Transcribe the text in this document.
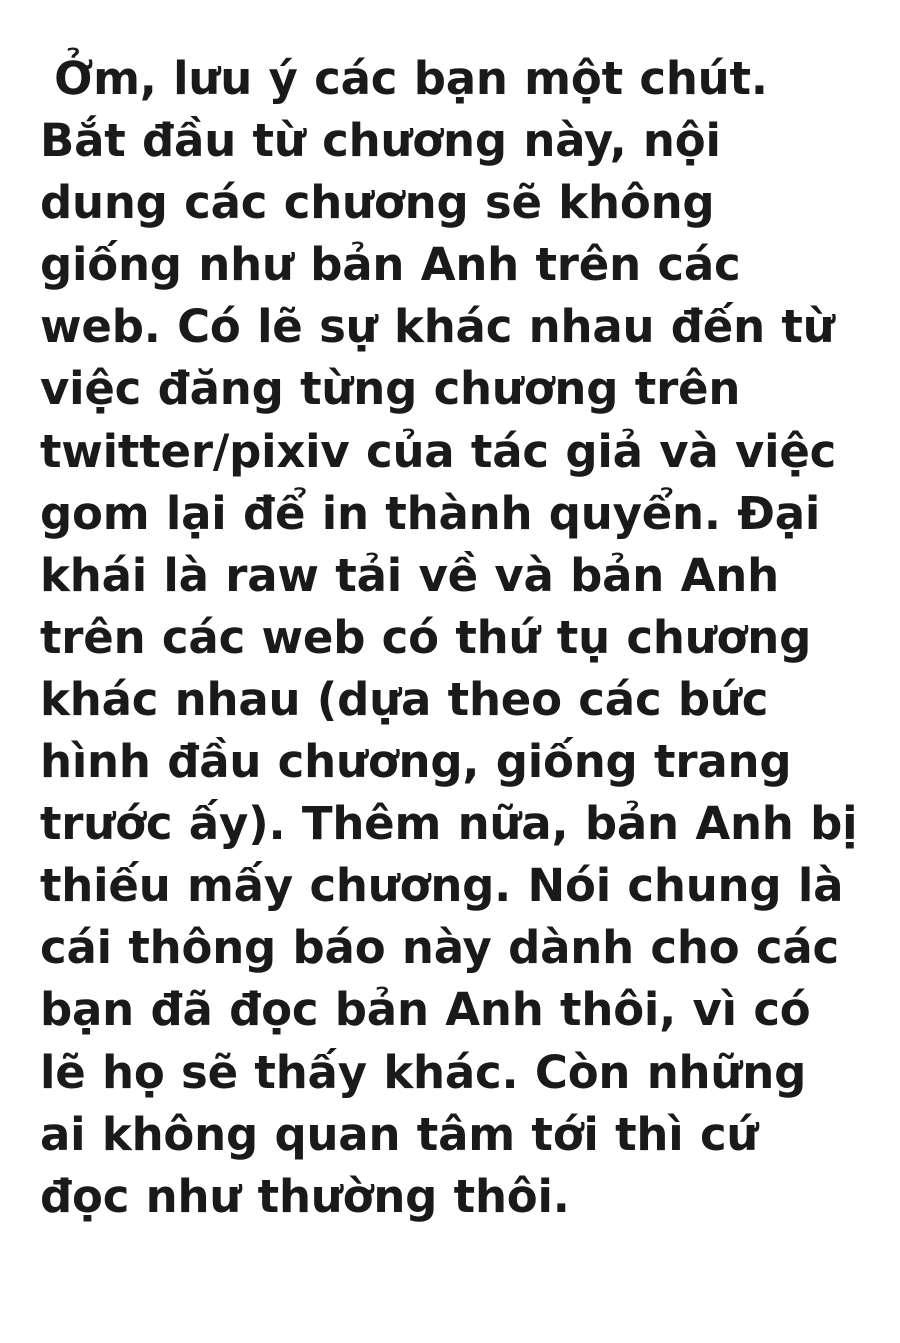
Ởm, lưu ý các bạn một chút. Bắt đầu từ chương này, nội dung các chương sẽ không giống như bản Anh trên các web. Có lẽ sự khác nhau đến từ việc đăng từng chương trên twitter/pixiv của tác giả và việc gom lại để in thành quyển. Đại khái là raw tải về và bản Anh trên các web có thứ tụ chương khác nhau (dựa theo các bức hình đầu chương, giống trang trước ấy). Thêm nữa, bản Anh bị thiếu mấy chương. Nói chung là cái thông báo này dành cho các bạn đã đọc bản Anh thôi, vì có lẽ họ sẽ thấy khác. Còn những ai không quan tâm tới thì cứ đọc như thường thôi.
